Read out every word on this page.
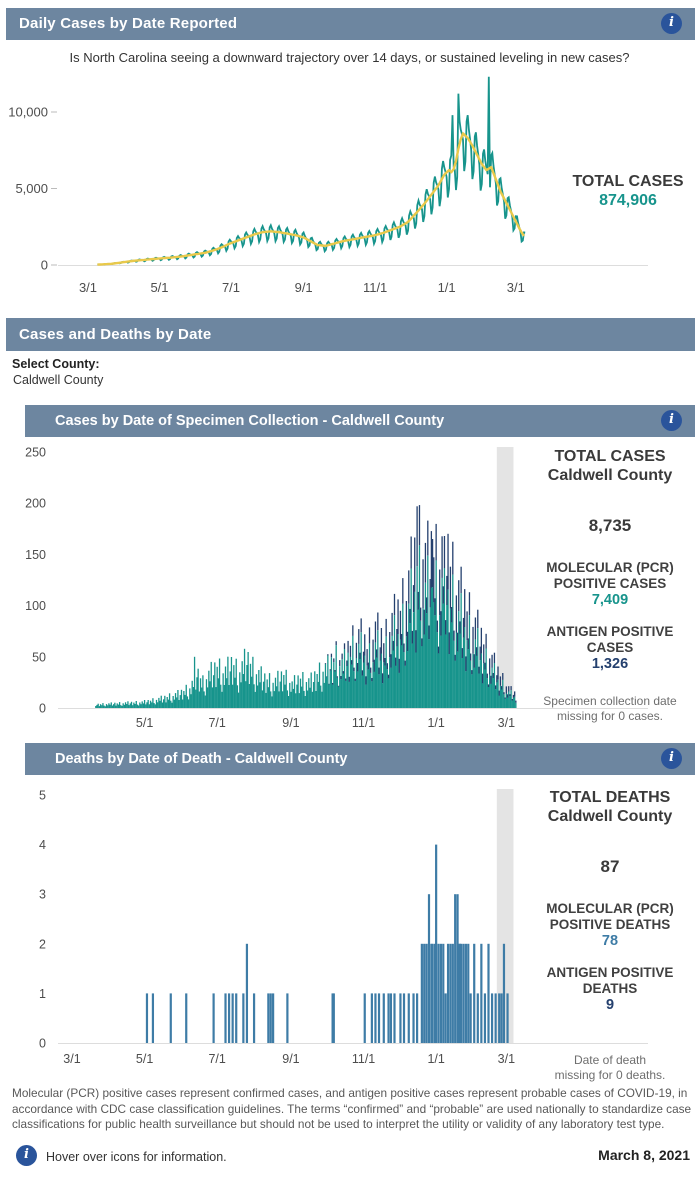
Daily Cases by Date Reported	i
Is North Carolina seeing a downward trajectory over 14 days, or sustained leveling in new cases?
0
5,000
10,000
3/1	5/1	7/1	9/1	11/1	1/1	3/1
TOTAL CASES
874,906
Cases and Deaths by Date
Select County:
Caldwell County
Cases by Date of Specimen Collection - Caldwell County	i
0
50
100
150
200
250
5/1	7/1	9/1	11/1	1/1	3/1
TOTAL CASES
Caldwell County
8,735
MOLECULAR (PCR)
POSITIVE CASES
7,409
ANTIGEN POSITIVE
CASES
1,326
Specimen collection date
missing for 0 cases.
Deaths by Date of Death - Caldwell County	i
0
1
2
3
4
5
3/1	5/1	7/1	9/1	11/1	1/1	3/1
TOTAL DEATHS
Caldwell County
87
MOLECULAR (PCR)
POSITIVE DEATHS
78
ANTIGEN POSITIVE
DEATHS
9
Date of death
missing for 0 deaths.
Molecular (PCR) positive cases represent confirmed cases, and antigen positive cases represent probable cases of COVID-19, in accordance with CDC case classification guidelines. The terms “confirmed” and “probable” are used nationally to standardize case classifications for public health surveillance but should not be used to interpret the utility or validity of any laboratory test type.
i	Hover over icons for information.	March 8, 2021
